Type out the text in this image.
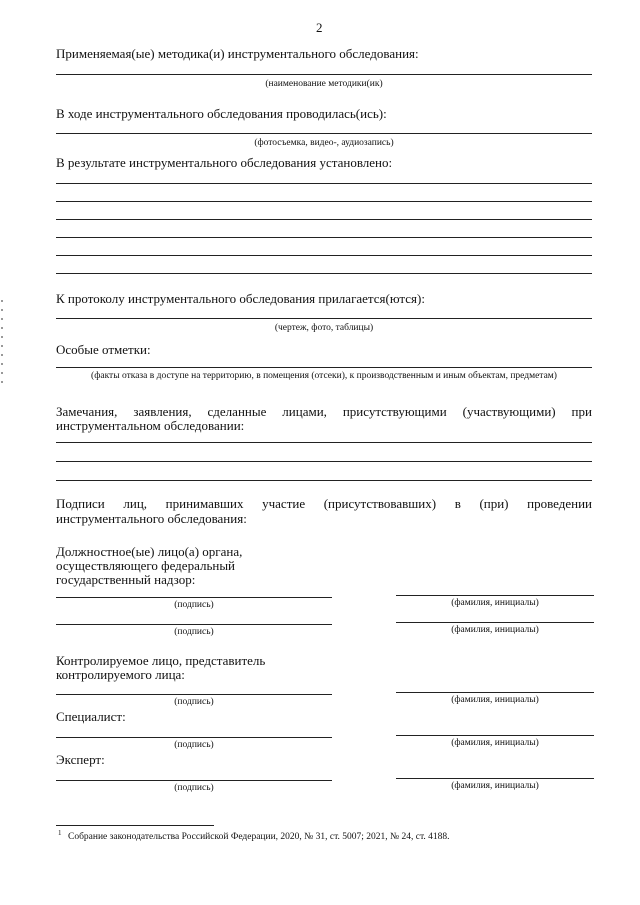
2
Применяемая(ые) методика(и) инструментального обследования:
(наименование методики(ик)
В ходе инструментального обследования проводилась(ись):
(фотосъемка, видео-, аудиозапись)
В результате инструментального обследования установлено:
К протоколу инструментального обследования прилагается(ются):
(чертеж, фото, таблицы)
Особые отметки:
(факты отказа в доступе на территорию, в помещения (отсеки), к производственным и иным объектам, предметам)
Замечания, заявления, сделанные лицами, присутствующими (участвующими) при
инструментальном обследовании:
Подписи лиц, принимавших участие (присутствовавших) в (при) проведении
инструментального обследования:
Должностное(ые) лицо(а) органа,
осуществляющего федеральный
государственный надзор:
(подпись)	(фамилия, инициалы)
(подпись)	(фамилия, инициалы)
Контролируемое лицо, представитель
контролируемого лица:
(подпись)	(фамилия, инициалы)
Специалист:
(подпись)	(фамилия, инициалы)
Эксперт:
(подпись)	(фамилия, инициалы)
1 Собрание законодательства Российской Федерации, 2020, № 31, ст. 5007; 2021, № 24, ст. 4188.
